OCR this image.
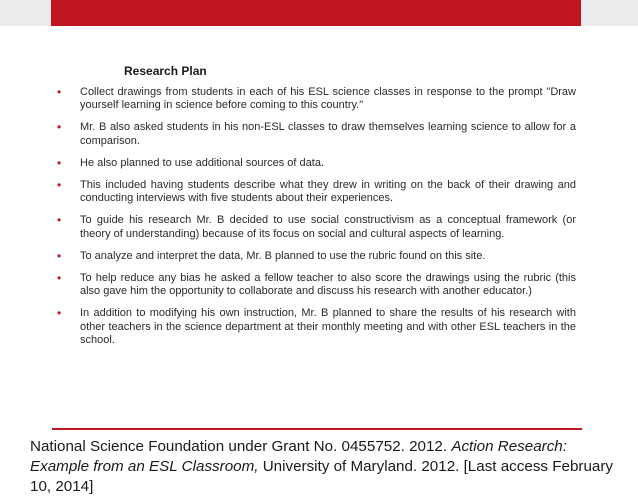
Research Plan
• Collect drawings from students in each of his ESL science classes in response to the prompt "Draw yourself learning in science before coming to this country."
• Mr. B also asked students in his non-ESL classes to draw themselves learning science to allow for a comparison.
• He also planned to use additional sources of data.
• This included having students describe what they drew in writing on the back of their drawing and conducting interviews with five students about their experiences.
• To guide his research Mr. B decided to use social constructivism as a conceptual framework (or theory of understanding) because of its focus on social and cultural aspects of learning.
• To analyze and interpret the data, Mr. B planned to use the rubric found on this site.
• To help reduce any bias he asked a fellow teacher to also score the drawings using the rubric (this also gave him the opportunity to collaborate and discuss his research with another educator.)
• In addition to modifying his own instruction, Mr. B planned to share the results of his research with other teachers in the science department at their monthly meeting and with other ESL teachers in the school.
National Science Foundation under Grant No. 0455752. 2012. Action Research: Example from an ESL Classroom, University of Maryland. 2012. [Last access February 10, 2014]
